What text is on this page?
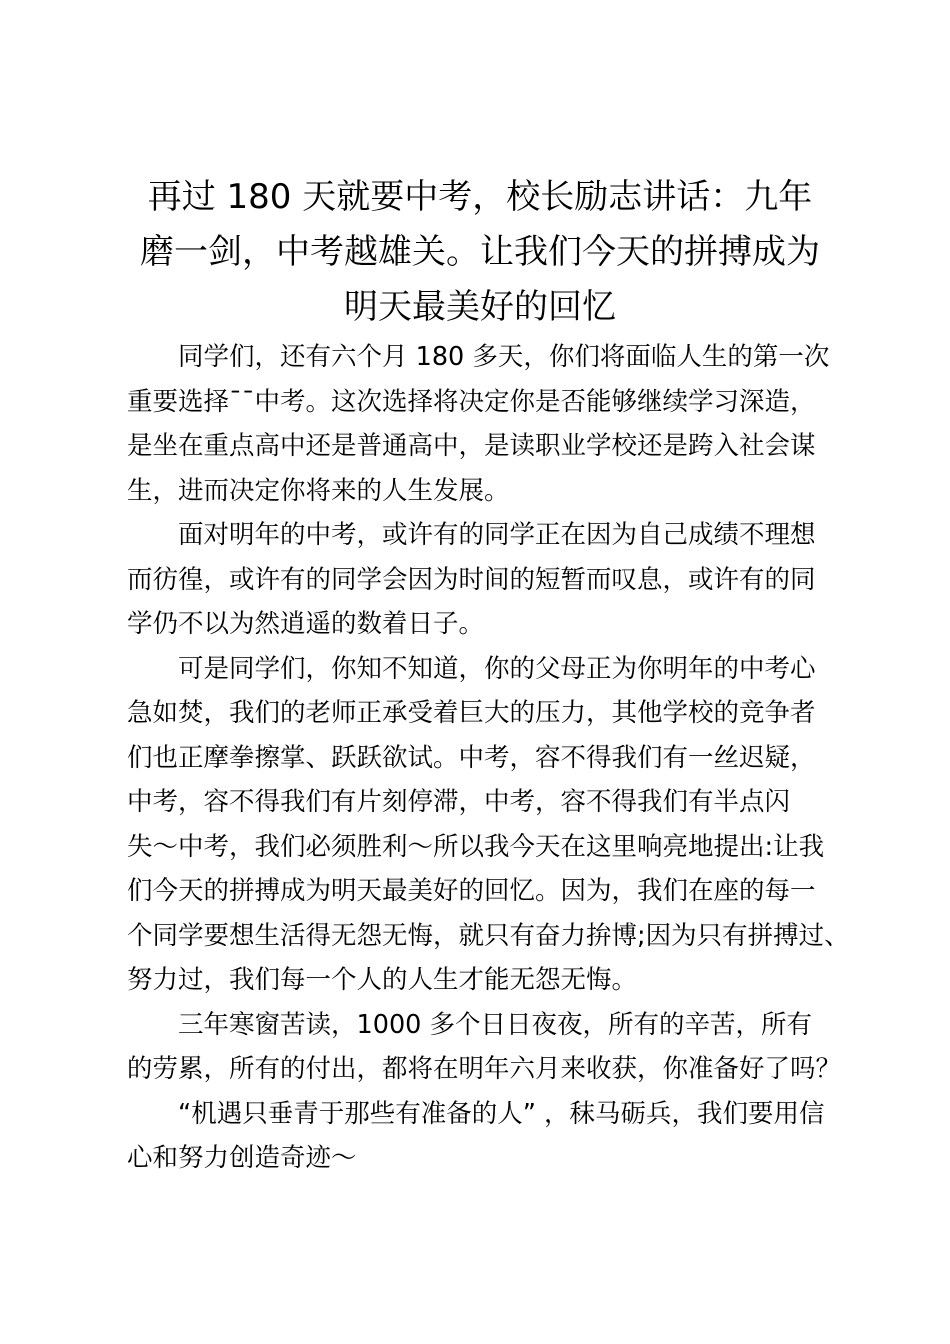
再过 180 天就要中考，校长励志讲话：九年
磨一剑，中考越雄关。让我们今天的拼搏成为
明天最美好的回忆

同学们，还有六个月 180 多天，你们将面临人生的第一次
重要选择¯¯中考。这次选择将决定你是否能够继续学习深造，
是坐在重点高中还是普通高中，是读职业学校还是跨入社会谋
生，进而决定你将来的人生发展。

面对明年的中考，或许有的同学正在因为自己成绩不理想
而彷徨，或许有的同学会因为时间的短暂而叹息，或许有的同
学仍不以为然逍遥的数着日子。

可是同学们，你知不知道，你的父母正为你明年的中考心
急如焚，我们的老师正承受着巨大的压力，其他学校的竞争者
们也正摩拳擦掌、跃跃欲试。中考，容不得我们有一丝迟疑，
中考，容不得我们有片刻停滞，中考，容不得我们有半点闪
失～中考，我们必须胜利～所以我今天在这里响亮地提出:让我
们今天的拼搏成为明天最美好的回忆。因为，我们在座的每一
个同学要想生活得无怨无悔，就只有奋力拚博;因为只有拼搏过、
努力过，我们每一个人的人生才能无怨无悔。

三年寒窗苦读，1000 多个日日夜夜，所有的辛苦，所有
的劳累，所有的付出，都将在明年六月来收获，你准备好了吗？

“机遇只垂青于那些有准备的人” ，秣马砺兵，我们要用信
心和努力创造奇迹～
